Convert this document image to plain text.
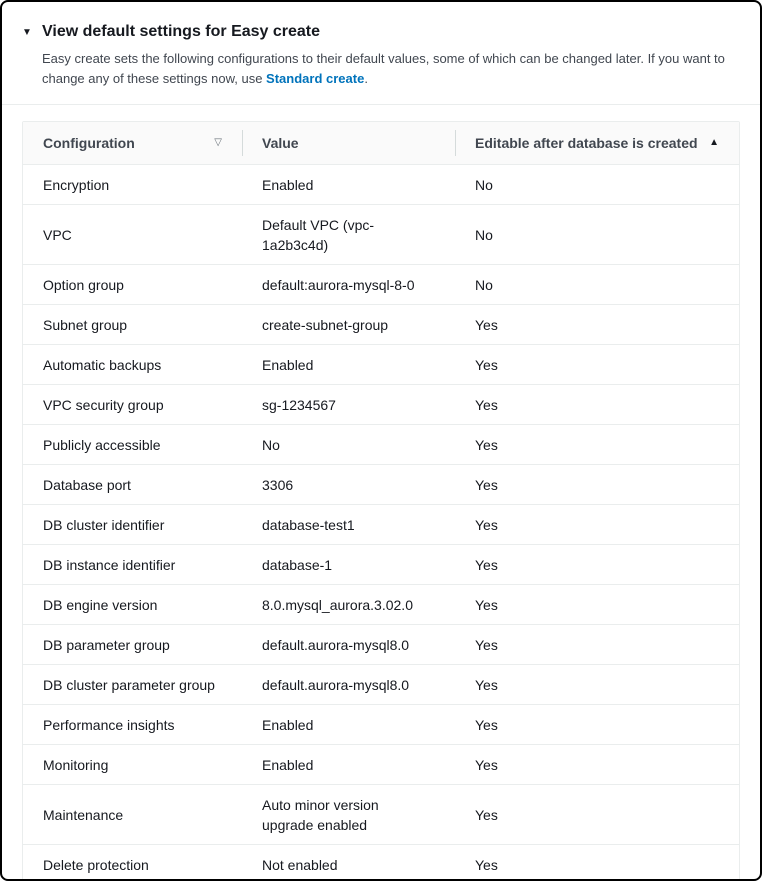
▼ View default settings for Easy create

Easy create sets the following configurations to their default values, some of which can be changed later. If you want to change any of these settings now, use Standard create.

Configuration ▽	Value	Editable after database is created ▲

Encryption	Enabled	No
VPC	Default VPC (vpc-1a2b3c4d)	No
Option group	default:aurora-mysql-8-0	No
Subnet group	create-subnet-group	Yes
Automatic backups	Enabled	Yes
VPC security group	sg-1234567	Yes
Publicly accessible	No	Yes
Database port	3306	Yes
DB cluster identifier	database-test1	Yes
DB instance identifier	database-1	Yes
DB engine version	8.0.mysql_aurora.3.02.0	Yes
DB parameter group	default.aurora-mysql8.0	Yes
DB cluster parameter group	default.aurora-mysql8.0	Yes
Performance insights	Enabled	Yes
Monitoring	Enabled	Yes
Maintenance	Auto minor version upgrade enabled	Yes
Delete protection	Not enabled	Yes
